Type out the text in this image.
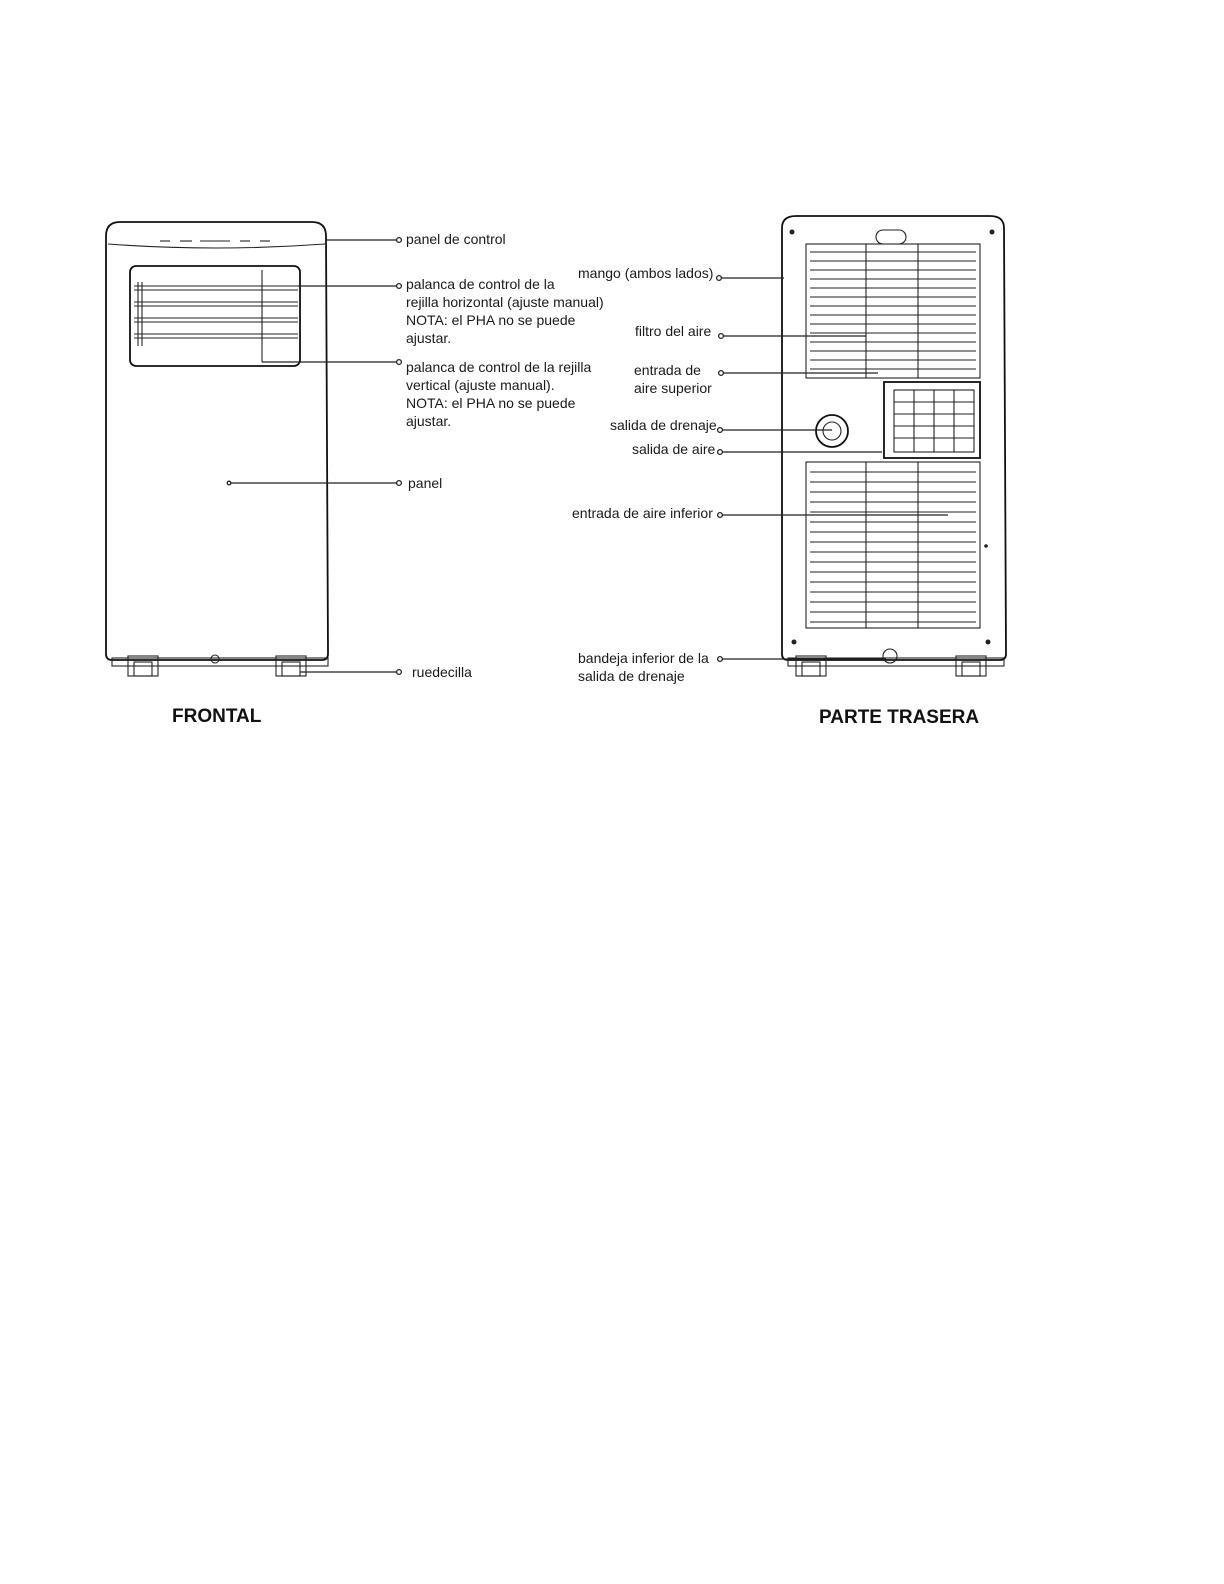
panel de control
palanca de control de la rejilla horizontal (ajuste manual) NOTA: el PHA no se puede ajustar.
palanca de control de la rejilla vertical (ajuste manual). NOTA: el PHA no se puede ajustar.
panel
ruedecilla
FRONTAL
mango (ambos lados)
filtro del aire
entrada de aire superior
salida de drenaje
salida de aire
entrada de aire inferior
bandeja inferior de la salida de drenaje
PARTE TRASERA
